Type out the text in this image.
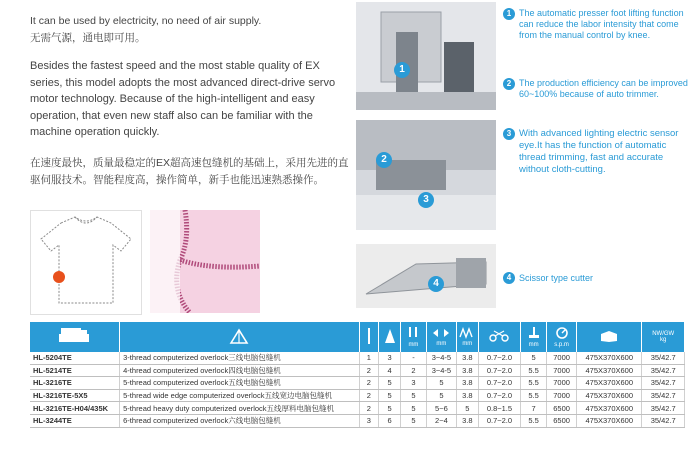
It can be used by electricity, no need of air supply.
无需气源，通电即可用。
Besides the fastest speed and the most stable quality of EX series, this model adopts the most advanced direct-drive servo motor technology. Because of the high-intelligent and easy operation, that even new staff also can be familiar with the machine operation quickly.
在速度最快，质量最稳定的EX超高速包缝机的基础上，采用先进的直驱伺服技术。智能程度高，操作简单，新手也能迅速熟悉操作。
1
2
3
4
1 The automatic presser foot lifting function can reduce the labor intensity that come from the manual control by knee.
2 The production efficiency can be improved 60~100% because of auto trimmer.
3 With advanced lighting electric sensor eye.It has the function of automatic thread trimming, fast and accurate without cloth-cutting.
4 Scissor type cutter

mm	mm	mm		mm	s.p.m		NW/GW
kg

HL-5204TE	3-thread computerized overlock三线电脑包缝机	1	3	-	3~4-5	3.8	0.7~2.0	5	7000	475X370X600	35/42.7
HL-5214TE	4-thread computerized overlock四线电脑包缝机	2	4	2	3~4-5	3.8	0.7~2.0	5.5	7000	475X370X600	35/42.7
HL-3216TE	5-thread computerized overlock五线电脑包缝机	2	5	3	5	3.8	0.7~2.0	5.5	7000	475X370X600	35/42.7
HL-3216TE-5X5	5-thread wide edge computerized overlock五线宽边电脑包缝机	2	5	5	5	3.8	0.7~2.0	5.5	7000	475X370X600	35/42.7
HL-3216TE-H04/435K	5-thread heavy duty computerized overlock五线厚料电脑包缝机	2	5	5	5~6	5	0.8~1.5	7	6500	475X370X600	35/42.7
HL-3244TE	6-thread computerized overlock六线电脑包缝机	3	6	5	2~4	3.8	0.7~2.0	5.5	6500	475X370X600	35/42.7
